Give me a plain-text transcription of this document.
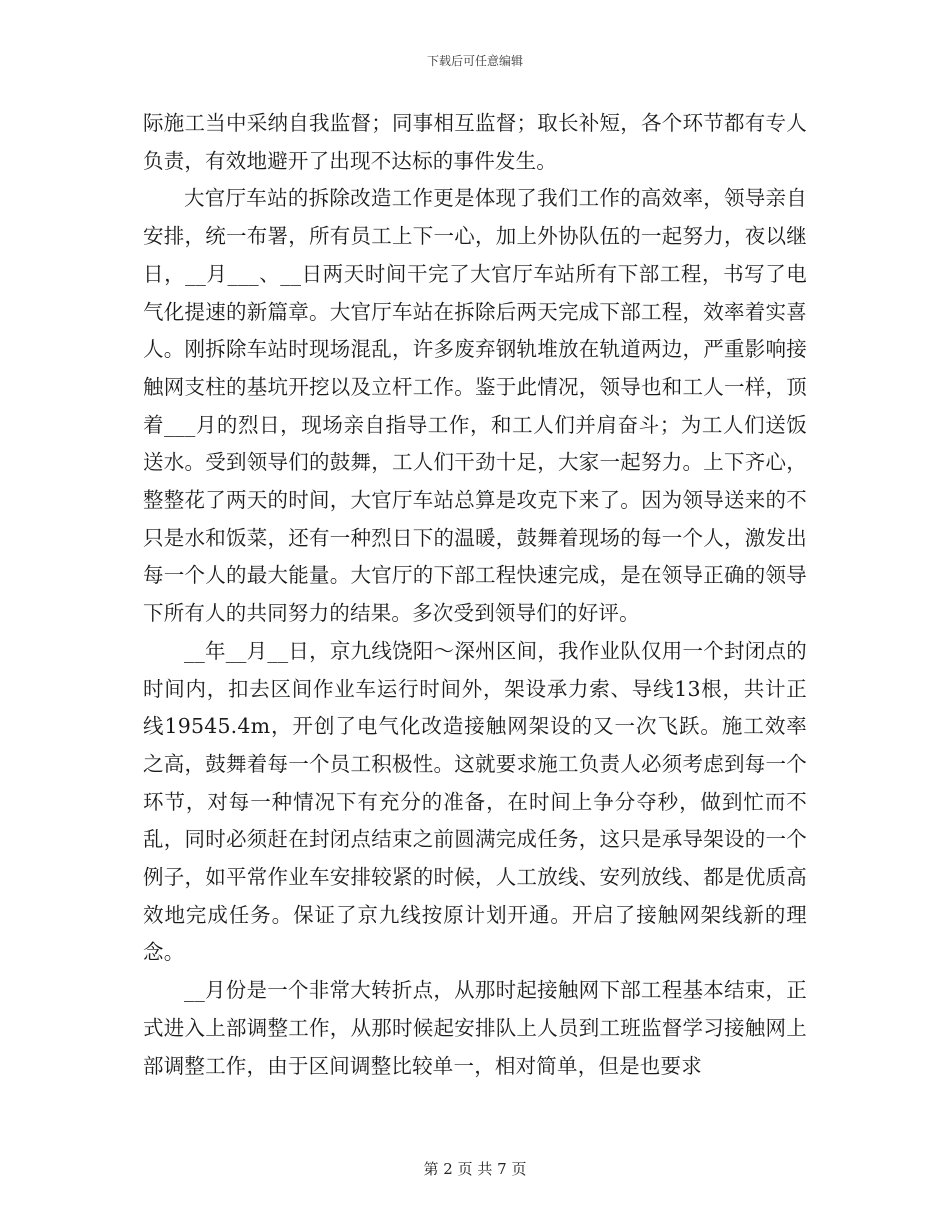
下载后可任意编辑

际施工当中采纳自我监督；同事相互监督；取长补短，各个环节都有专人负责，有效地避开了出现不达标的事件发生。

大官厅车站的拆除改造工作更是体现了我们工作的高效率，领导亲自安排，统一布署，所有员工上下一心，加上外协队伍的一起努力，夜以继日，__月___、__日两天时间干完了大官厅车站所有下部工程，书写了电气化提速的新篇章。大官厅车站在拆除后两天完成下部工程，效率着实喜人。刚拆除车站时现场混乱，许多废弃钢轨堆放在轨道两边，严重影响接触网支柱的基坑开挖以及立杆工作。鉴于此情况，领导也和工人一样，顶着___月的烈日，现场亲自指导工作，和工人们并肩奋斗；为工人们送饭送水。受到领导们的鼓舞，工人们干劲十足，大家一起努力。上下齐心，整整花了两天的时间，大官厅车站总算是攻克下来了。因为领导送来的不只是水和饭菜，还有一种烈日下的温暖，鼓舞着现场的每一个人，激发出每一个人的最大能量。大官厅的下部工程快速完成，是在领导正确的领导下所有人的共同努力的结果。多次受到领导们的好评。

__年__月__日，京九线饶阳～深州区间，我作业队仅用一个封闭点的时间内，扣去区间作业车运行时间外，架设承力索、导线13根，共计正线19545.4m，开创了电气化改造接触网架设的又一次飞跃。施工效率之高，鼓舞着每一个员工积极性。这就要求施工负责人必须考虑到每一个环节，对每一种情况下有充分的准备，在时间上争分夺秒，做到忙而不乱，同时必须赶在封闭点结束之前圆满完成任务，这只是承导架设的一个例子，如平常作业车安排较紧的时候，人工放线、安列放线、都是优质高效地完成任务。保证了京九线按原计划开通。开启了接触网架线新的理念。

__月份是一个非常大转折点，从那时起接触网下部工程基本结束，正式进入上部调整工作，从那时候起安排队上人员到工班监督学习接触网上部调整工作，由于区间调整比较单一，相对简单，但是也要求

第 2 页 共 7 页
